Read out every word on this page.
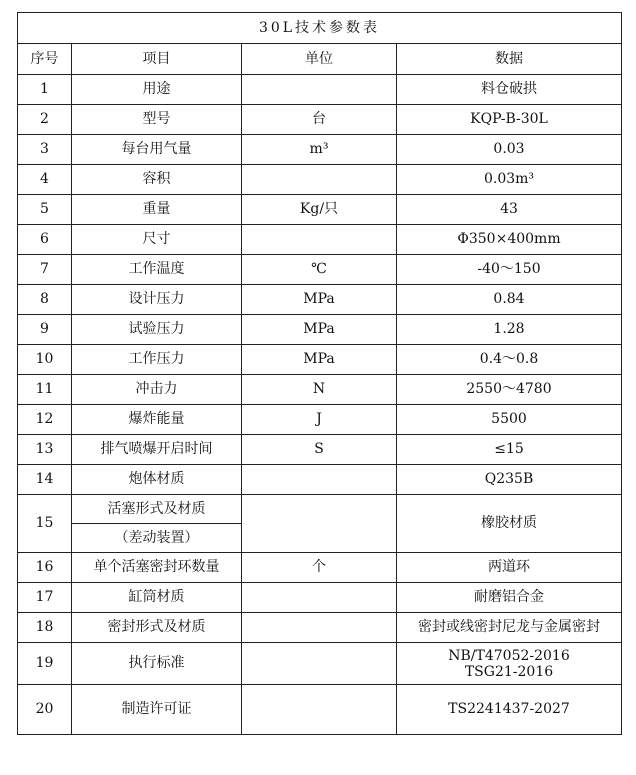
30L技术参数表			
序号	项目	单位	数据
1	用途		料仓破拱
2	型号	台	KQP-B-30L
3	每台用气量	m³	0.03
4	容积		0.03m³
5	重量	Kg/只	43
6	尺寸		Φ350×400mm
7	工作温度	℃	-40～150
8	设计压力	MPa	0.84
9	试验压力	MPa	1.28
10	工作压力	MPa	0.4～0.8
11	冲击力	N	2550～4780
12	爆炸能量	J	5500
13	排气喷爆开启时间	S	≤15
14	炮体材质		Q235B
15	活塞形式及材质		橡胶材质
	（差动装置）		
16	单个活塞密封环数量	个	两道环
17	缸筒材质		耐磨铝合金
18	密封形式及材质		密封或线密封尼龙与金属密封
19	执行标准		NB/T47052-2016
TSG21-2016

20	制造许可证		TS2241437-2027
